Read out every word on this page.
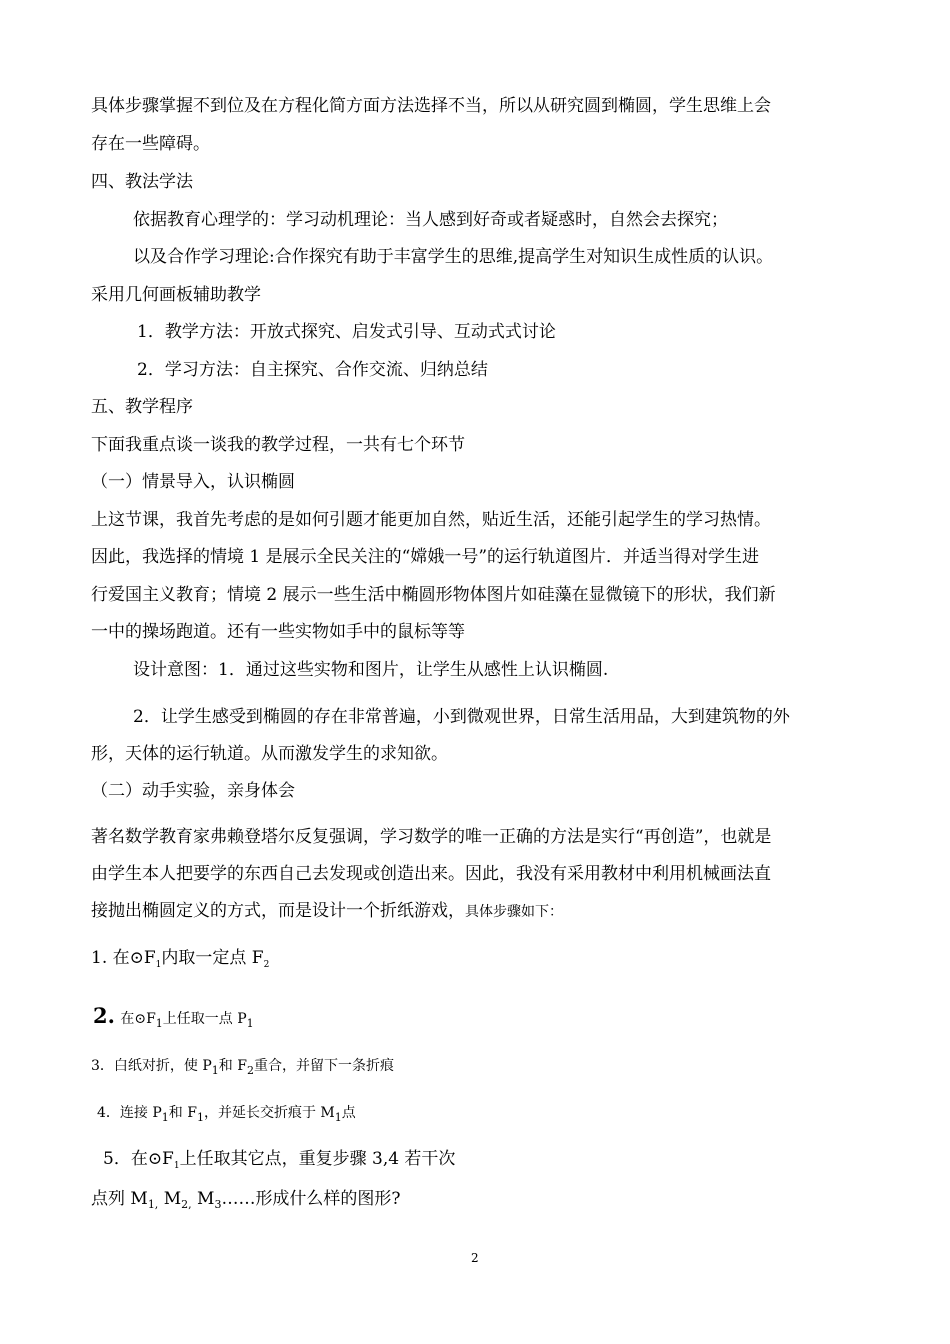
具体步骤掌握不到位及在方程化简方面方法选择不当，所以从研究圆到椭圆，学生思维上会
存在一些障碍。
四、教法学法
依据教育心理学的：学习动机理论：当人感到好奇或者疑惑时，自然会去探究；
以及合作学习理论:合作探究有助于丰富学生的思维,提高学生对知识生成性质的认识。
采用几何画板辅助教学
1．教学方法：开放式探究、启发式引导、互动式式讨论
2．学习方法：自主探究、合作交流、归纳总结
五、教学程序
下面我重点谈一谈我的教学过程，一共有七个环节
（一）情景导入，认识椭圆
上这节课，我首先考虑的是如何引题才能更加自然，贴近生活，还能引起学生的学习热情。
因此，我选择的情境 1 是展示全民关注的“嫦娥一号”的运行轨道图片．并适当得对学生进
行爱国主义教育；情境 2 展示一些生活中椭圆形物体图片如硅藻在显微镜下的形状，我们新
一中的操场跑道。还有一些实物如手中的鼠标等等
设计意图：1．通过这些实物和图片，让学生从感性上认识椭圆.
2．让学生感受到椭圆的存在非常普遍，小到微观世界，日常生活用品，大到建筑物的外
形，天体的运行轨道。从而激发学生的求知欲。
（二）动手实验，亲身体会
著名数学教育家弗赖登塔尔反复强调，学习数学的唯一正确的方法是实行“再创造”，也就是
由学生本人把要学的东西自己去发现或创造出来。因此，我没有采用教材中利用机械画法直
接抛出椭圆定义的方式，而是设计一个折纸游戏，具体步骤如下：
1. 在$⊙F_1$内取一定点 $F_2$
2. 在$⊙F_1$上任取一点 $P_1$
3．白纸对折，使 $P_1$和 $F_2$重合，并留下一条折痕
4．连接 $P_1$和 $F_1$，并延长交折痕于 $M_1$点
5．在$⊙F_1$上任取其它点，重复步骤 3,4 若干次
点列 $M_{1,}$ $M_{2,}$ $M_3\dots\dots$形成什么样的图形?
2
